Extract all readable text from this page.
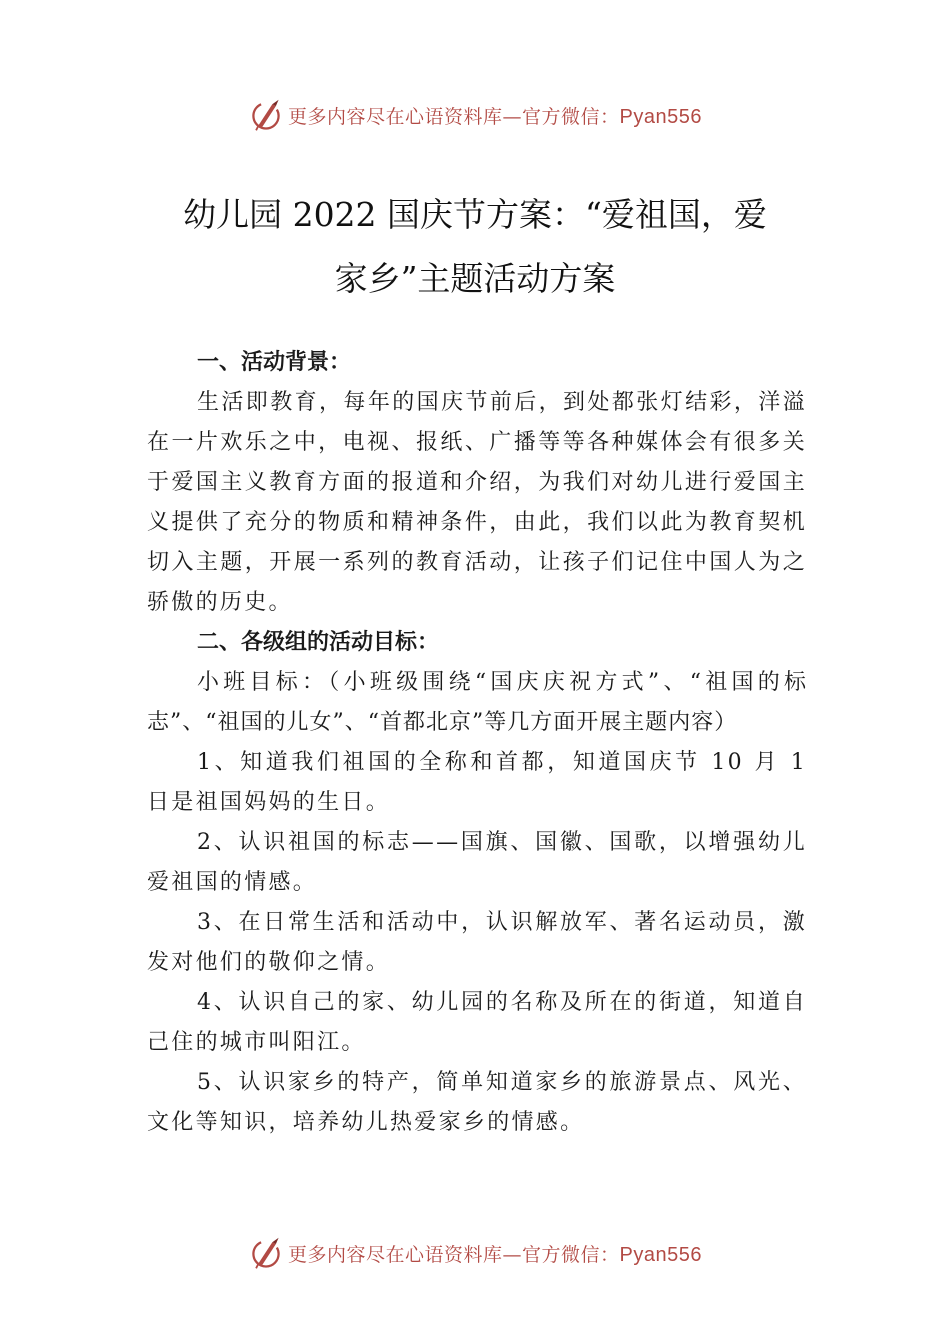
更多内容尽在心语资料库—官方微信：Pyan556
幼儿园 2022 国庆节方案：“爱祖国，爱
家乡”主题活动方案

一、活动背景：

生活即教育，每年的国庆节前后，到处都张灯结彩，洋溢在一片欢乐之中，电视、报纸、广播等等各种媒体会有很多关于爱国主义教育方面的报道和介绍，为我们对幼儿进行爱国主义提供了充分的物质和精神条件，由此，我们以此为教育契机切入主题，开展一系列的教育活动，让孩子们记住中国人为之骄傲的历史。

二、各级组的活动目标：

小班目标：（小班级围绕“国庆庆祝方式”、“祖国的标志”、“祖国的儿女”、“首都北京”等几方面开展主题内容）

1、知道我们祖国的全称和首都，知道国庆节 10 月 1 日是祖国妈妈的生日。

2、认识祖国的标志——国旗、国徽、国歌，以增强幼儿爱祖国的情感。

3、在日常生活和活动中，认识解放军、著名运动员，激发对他们的敬仰之情。

4、认识自己的家、幼儿园的名称及所在的街道，知道自己住的城市叫阳江。

5、认识家乡的特产，简单知道家乡的旅游景点、风光、文化等知识，培养幼儿热爱家乡的情感。

更多内容尽在心语资料库—官方微信：Pyan556
